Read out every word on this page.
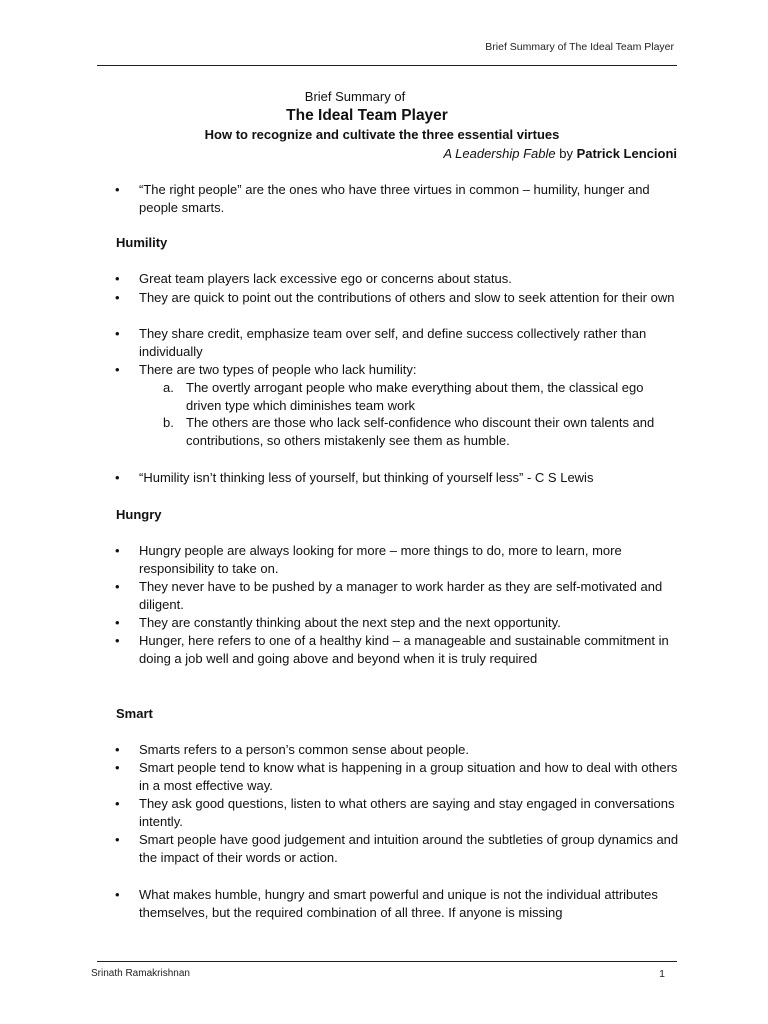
Brief Summary of The Ideal Team Player
Brief Summary of
The Ideal Team Player
How to recognize and cultivate the three essential virtues
A Leadership Fable by Patrick Lencioni

• “The right people” are the ones who have three virtues in common – humility, hunger and people smarts.

Humility

• Great team players lack excessive ego or concerns about status.

• They are quick to point out the contributions of others and slow to seek attention for their own

• They share credit, emphasize team over self, and define success collectively rather than individually

• There are two types of people who lack humility:

a. The overtly arrogant people who make everything about them, the classical ego driven type which diminishes team work
b. The others are those who lack self-confidence who discount their own talents and contributions, so others mistakenly see them as humble.

• “Humility isn’t thinking less of yourself, but thinking of yourself less” - C S Lewis

Hungry

• Hungry people are always looking for more – more things to do, more to learn, more responsibility to take on.

• They never have to be pushed by a manager to work harder as they are self-motivated and diligent.

• They are constantly thinking about the next step and the next opportunity.

• Hunger, here refers to one of a healthy kind – a manageable and sustainable commitment in doing a job well and going above and beyond when it is truly required

Smart

• Smarts refers to a person’s common sense about people.

• Smart people tend to know what is happening in a group situation and how to deal with others in a most effective way.

• They ask good questions, listen to what others are saying and stay engaged in conversations intently.

• Smart people have good judgement and intuition around the subtleties of group dynamics and the impact of their words or action.

• What makes humble, hungry and smart powerful and unique is not the individual attributes themselves, but the required combination of all three. If anyone is missing

Srinath Ramakrishnan	1
